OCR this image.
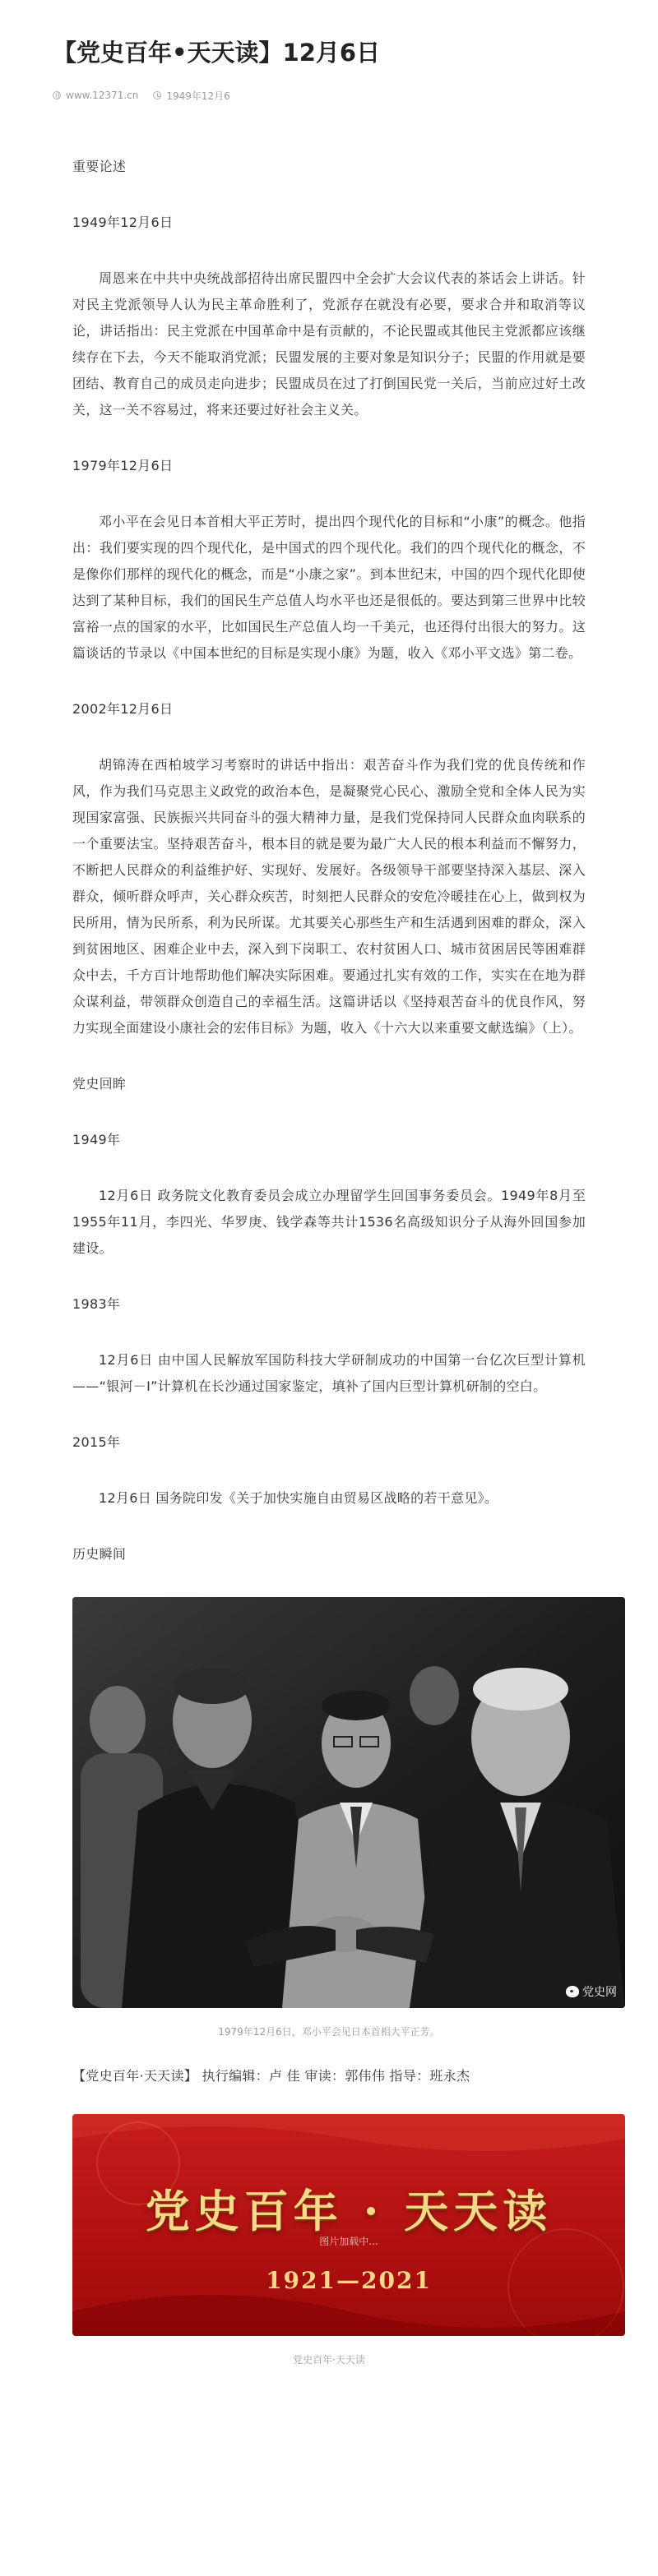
【党史百年•天天读】12月6日
www.12371.cn	1949年12月6

重要论述

1949年12月6日

周恩来在中共中央统战部招待出席民盟四中全会扩大会议代表的茶话会上讲话。针对民主党派领导人认为民主革命胜利了，党派存在就没有必要，要求合并和取消等议论，讲话指出：民主党派在中国革命中是有贡献的，不论民盟或其他民主党派都应该继续存在下去，今天不能取消党派；民盟发展的主要对象是知识分子；民盟的作用就是要团结、教育自己的成员走向进步；民盟成员在过了打倒国民党一关后，当前应过好土改关，这一关不容易过，将来还要过好社会主义关。

1979年12月6日

邓小平在会见日本首相大平正芳时，提出四个现代化的目标和“小康”的概念。他指出：我们要实现的四个现代化，是中国式的四个现代化。我们的四个现代化的概念，不是像你们那样的现代化的概念，而是“小康之家”。到本世纪末，中国的四个现代化即使达到了某种目标，我们的国民生产总值人均水平也还是很低的。要达到第三世界中比较富裕一点的国家的水平，比如国民生产总值人均一千美元，也还得付出很大的努力。这篇谈话的节录以《中国本世纪的目标是实现小康》为题，收入《邓小平文选》第二卷。

2002年12月6日

胡锦涛在西柏坡学习考察时的讲话中指出：艰苦奋斗作为我们党的优良传统和作风，作为我们马克思主义政党的政治本色，是凝聚党心民心、激励全党和全体人民为实现国家富强、民族振兴共同奋斗的强大精神力量，是我们党保持同人民群众血肉联系的一个重要法宝。坚持艰苦奋斗，根本目的就是要为最广大人民的根本利益而不懈努力，不断把人民群众的利益维护好、实现好、发展好。各级领导干部要坚持深入基层、深入群众，倾听群众呼声，关心群众疾苦，时刻把人民群众的安危冷暖挂在心上，做到权为民所用，情为民所系，利为民所谋。尤其要关心那些生产和生活遇到困难的群众，深入到贫困地区、困难企业中去，深入到下岗职工、农村贫困人口、城市贫困居民等困难群众中去，千方百计地帮助他们解决实际困难。要通过扎实有效的工作，实实在在地为群众谋利益，带领群众创造自己的幸福生活。这篇讲话以《坚持艰苦奋斗的优良作风，努力实现全面建设小康社会的宏伟目标》为题，收入《十六大以来重要文献选编》（上）。

党史回眸

1949年

12月6日 政务院文化教育委员会成立办理留学生回国事务委员会。1949年8月至1955年11月，李四光、华罗庚、钱学森等共计1536名高级知识分子从海外回国参加建设。

1983年

12月6日 由中国人民解放军国防科技大学研制成功的中国第一台亿次巨型计算机——“银河－Ⅰ”计算机在长沙通过国家鉴定，填补了国内巨型计算机研制的空白。

2015年

12月6日 国务院印发《关于加快实施自由贸易区战略的若干意见》。

历史瞬间

党史网

1979年12月6日，邓小平会见日本首相大平正芳。

【党史百年·天天读】 执行编辑：卢 佳 审读：郭伟伟 指导：班永杰

党史百年 · 天天读
图片加载中...
1921—2021

党史百年·天天读
